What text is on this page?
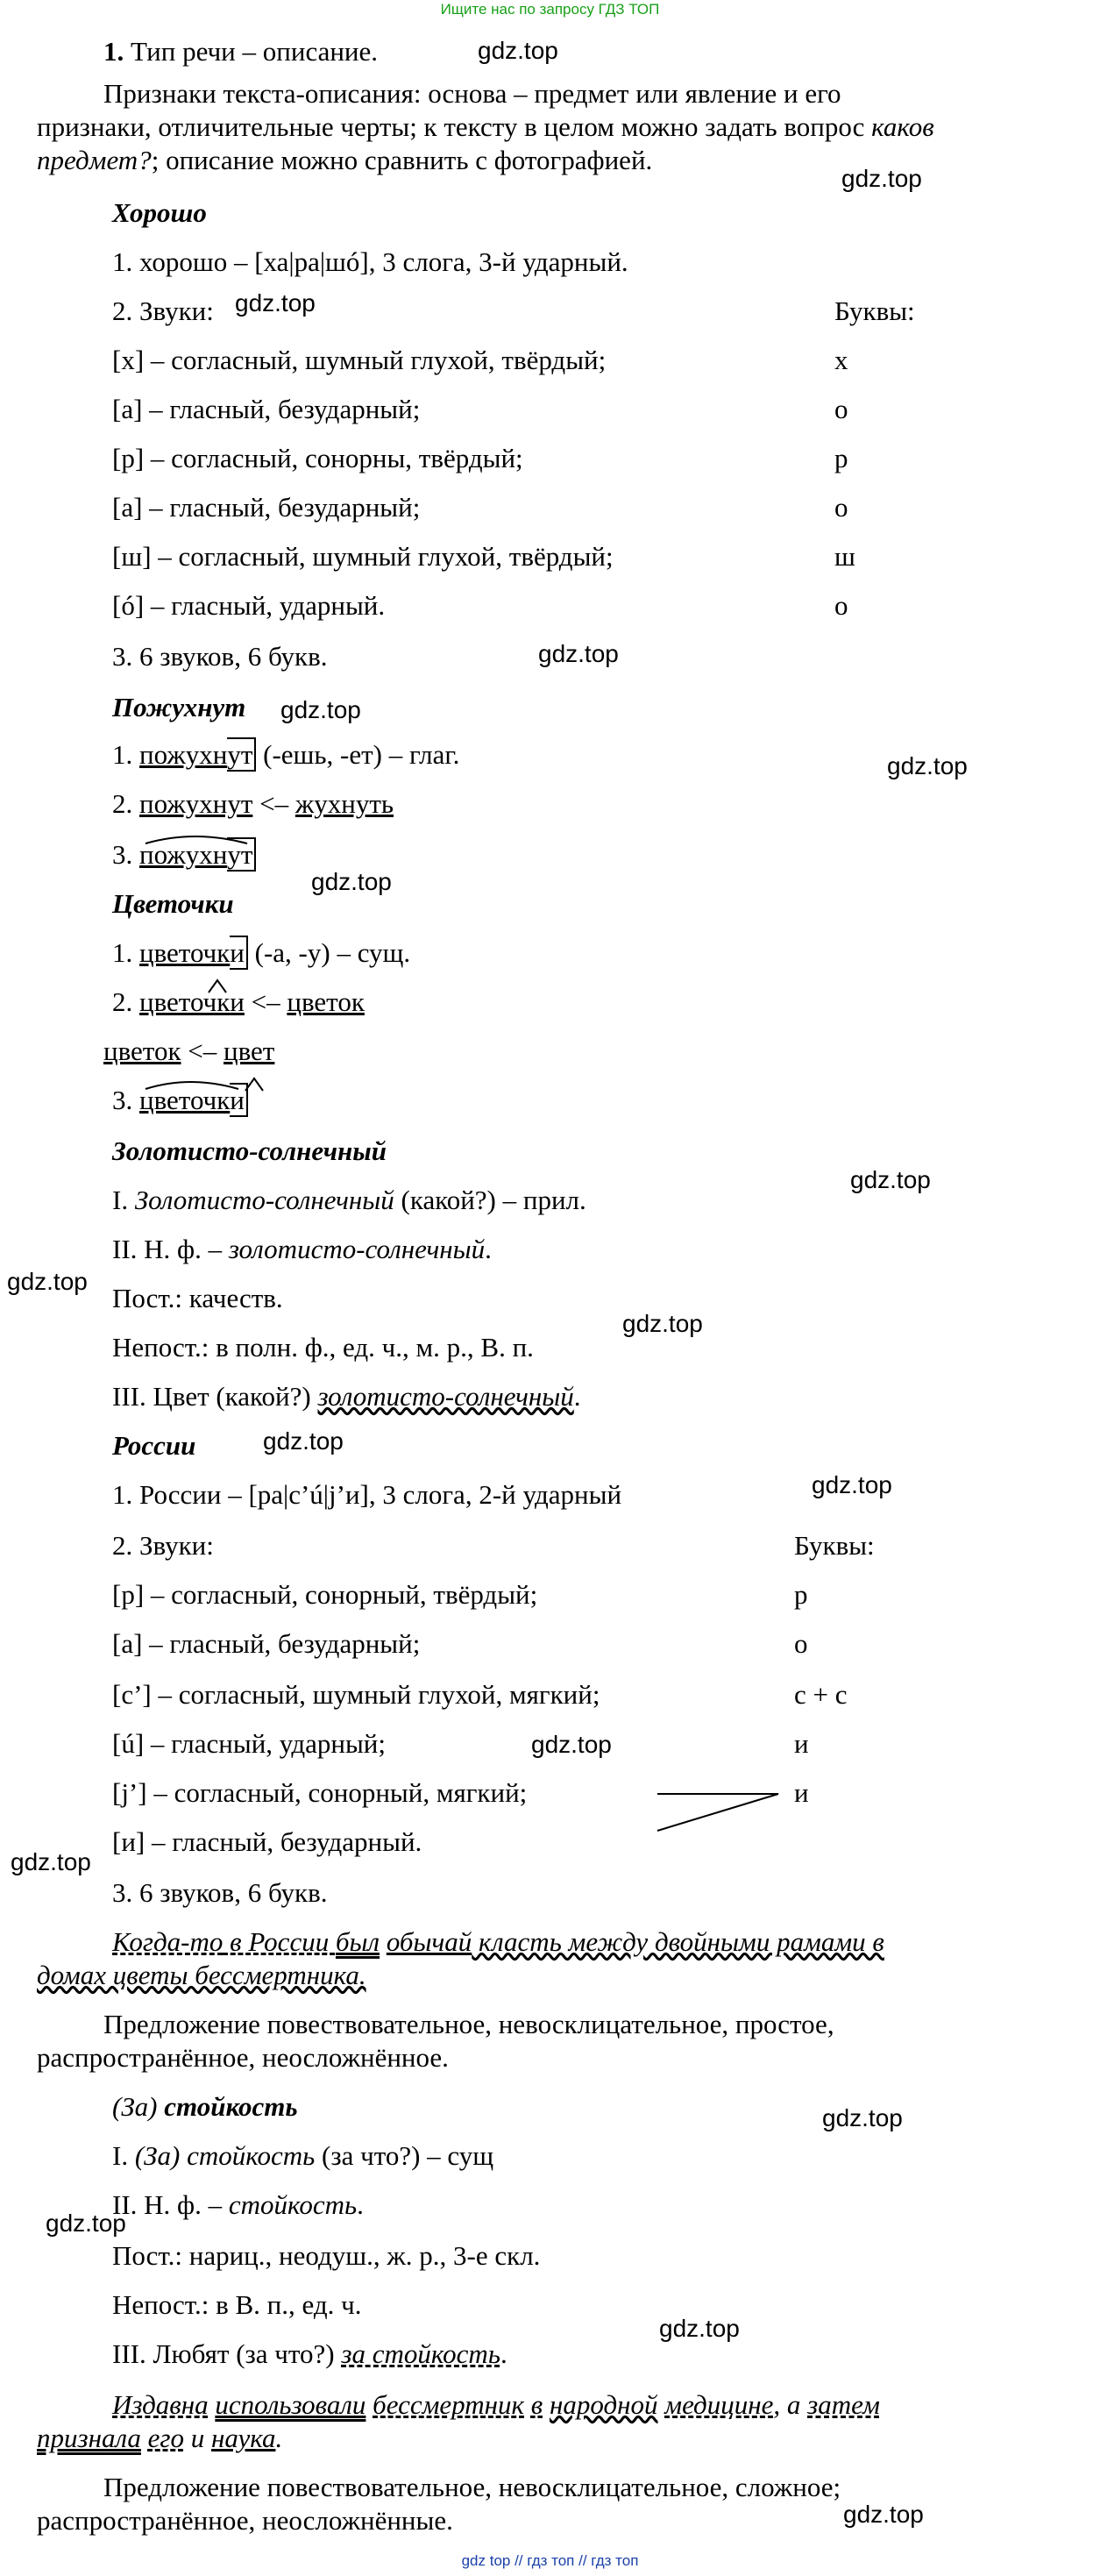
Ищите нас по запросу ГДЗ ТОП
1. Тип речи – описание.
Признаки текста-описания: основа – предмет или явление и его
признаки, отличительные черты; к тексту в целом можно задать вопрос каков
предмет?; описание можно сравнить с фотографией.
Хорошо
1. хорошо – [ха|ра|шó], 3 слога, 3-й ударный.
2. Звуки:	Буквы:
[х] – согласный, шумный глухой, твёрдый;	х
[а] – гласный, безударный;	о
[р] – согласный, сонорны, твёрдый;	р
[а] – гласный, безударный;	о
[ш] – согласный, шумный глухой, твёрдый;	ш
[ó] – гласный, ударный.	о
3. 6 звуков, 6 букв.
Пожухнут
1. пожухнут (-ешь, -ет) – глаг.
2. пожухнут <– жухнуть
3. пожухнут
Цветочки
1. цветочки (-а, -у) – сущ.
2. цветочки <– цветок
цветок <– цвет
3. цветочки
Золотисто-солнечный
I. Золотисто-солнечный (какой?) – прил.
II. Н. ф. – золотисто-солнечный.
Пост.: качеств.
Непост.: в полн. ф., ед. ч., м. р., В. п.
III. Цвет (какой?) золотисто-солнечный.
России
1. России – [ра|с’ú|j’и], 3 слога, 2-й ударный
2. Звуки:	Буквы:
[р] – согласный, сонорный, твёрдый;	р
[а] – гласный, безударный;	о
[с’] – согласный, шумный глухой, мягкий;	с + с
[ú] – гласный, ударный;	и
[j’] – согласный, сонорный, мягкий;	и
[и] – гласный, безударный.
3. 6 звуков, 6 букв.
Когда-то в России был обычай класть между двойными рамами в
домах цветы бессмертника.
Предложение повествовательное, невосклицательное, простое,
распространённое, неосложнённое.
(За) стойкость
I. (За) стойкость (за что?) – сущ
II. Н. ф. – стойкость.
Пост.: нариц., неодуш., ж. р., 3-е скл.
Непост.: в В. п., ед. ч.
III. Любят (за что?) за стойкость.
Издавна использовали бессмертник в народной медицине, а затем
признала его и наука.
Предложение повествовательное, невосклицательное, сложное;
распространённое, неосложнённые.
gdz.top
gdz.top
gdz.top
gdz.top
gdz.top
gdz.top
gdz.top
gdz.top
gdz.top
gdz.top
gdz.top
gdz.top
gdz.top
gdz.top
gdz.top
gdz.top
gdz.top
gdz.top
gdz top // гдз топ // гдз топ
